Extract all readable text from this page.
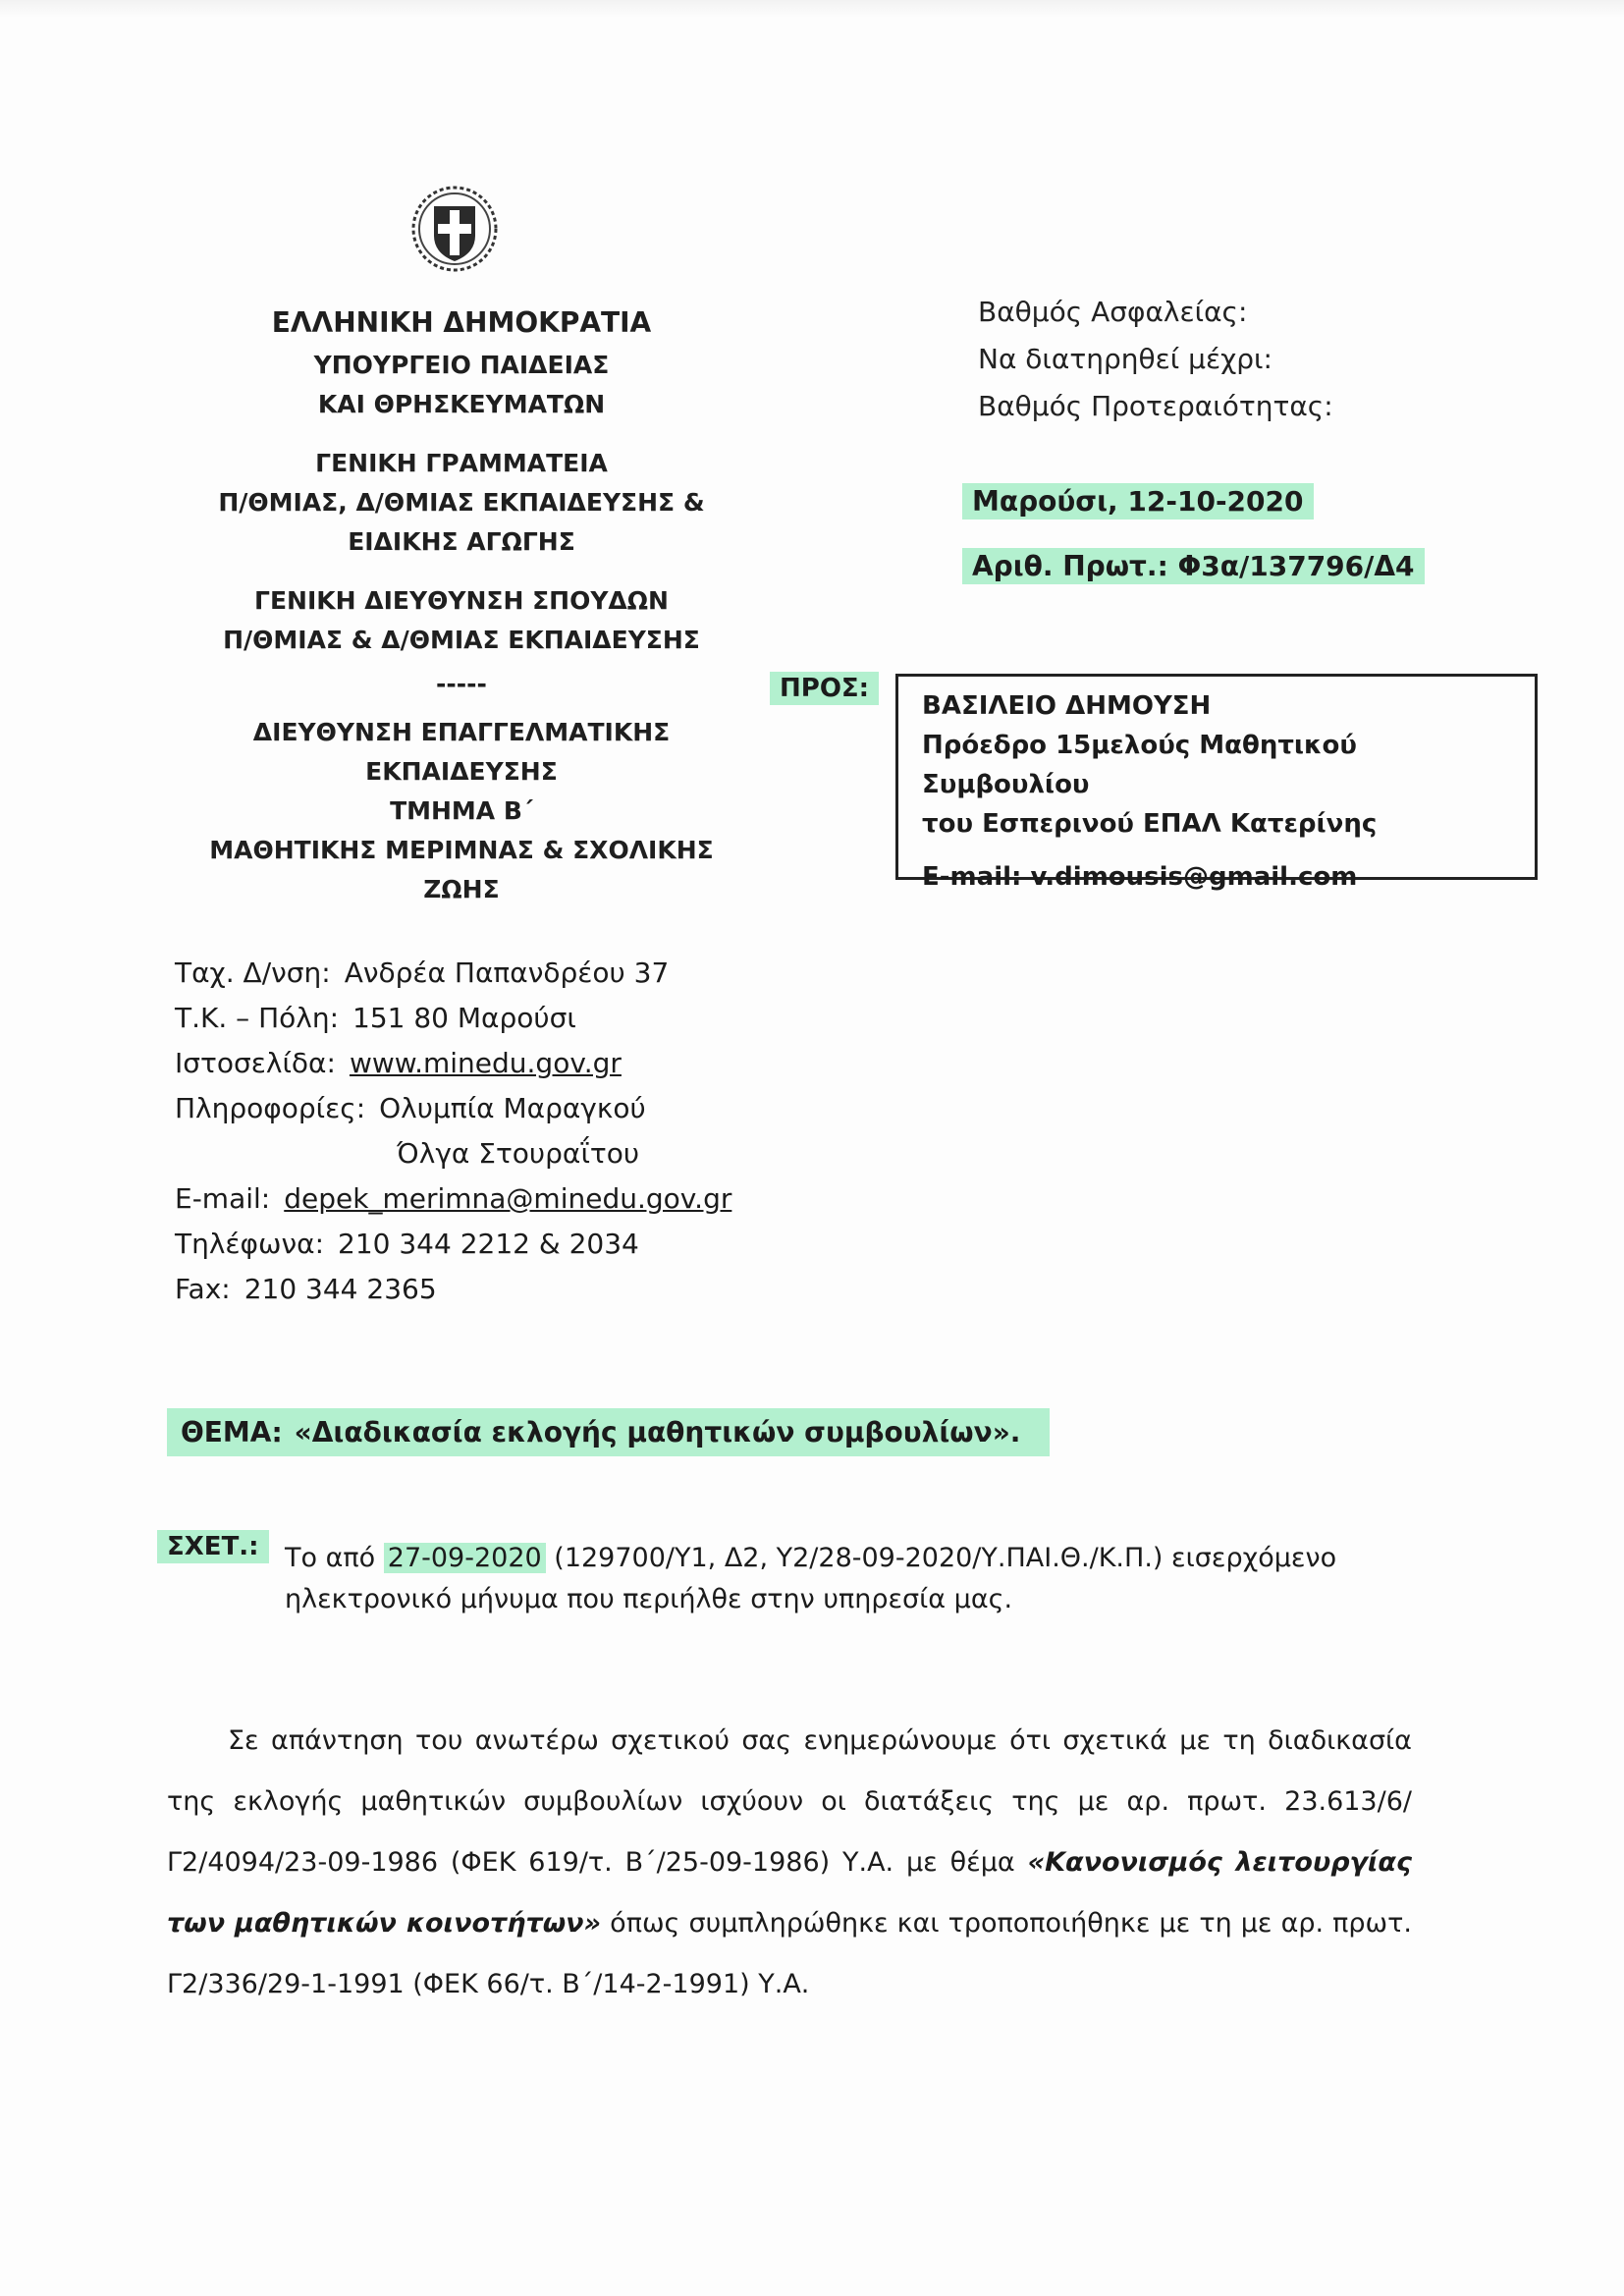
ΕΛΛΗΝΙΚΗ ΔΗΜΟΚΡΑΤΙΑ
ΥΠΟΥΡΓΕΙΟ ΠΑΙΔΕΙΑΣ
ΚΑΙ ΘΡΗΣΚΕΥΜΑΤΩΝ
ΓΕΝΙΚΗ ΓΡΑΜΜΑΤΕΙΑ
Π/ΘΜΙΑΣ, Δ/ΘΜΙΑΣ ΕΚΠΑΙΔΕΥΣΗΣ &
ΕΙΔΙΚΗΣ ΑΓΩΓΗΣ
ΓΕΝΙΚΗ ΔΙΕΥΘΥΝΣΗ ΣΠΟΥΔΩΝ
Π/ΘΜΙΑΣ & Δ/ΘΜΙΑΣ ΕΚΠΑΙΔΕΥΣΗΣ
-----
ΔΙΕΥΘΥΝΣΗ ΕΠΑΓΓΕΛΜΑΤΙΚΗΣ
ΕΚΠΑΙΔΕΥΣΗΣ
ΤΜΗΜΑ Β΄
ΜΑΘΗΤΙΚΗΣ ΜΕΡΙΜΝΑΣ & ΣΧΟΛΙΚΗΣ
ΖΩΗΣ
Ταχ. Δ/νση: Ανδρέα Παπανδρέου 37
Τ.Κ. – Πόλη: 151 80 Μαρούσι
Ιστοσελίδα: www.minedu.gov.gr
Πληροφορίες: Ολυμπία Μαραγκού
Όλγα Στουραΐτου
E-mail: depek_merimna@minedu.gov.gr
Τηλέφωνα: 210 344 2212 & 2034
Fax: 210 344 2365
Βαθμός Ασφαλείας:
Να διατηρηθεί μέχρι:
Βαθμός Προτεραιότητας:
Μαρούσι, 12-10-2020
Αριθ. Πρωτ.: Φ3α/137796/Δ4
ΠΡΟΣ:
ΒΑΣΙΛΕΙΟ ΔΗΜΟΥΣΗ
Πρόεδρο 15μελούς Μαθητικού Συμβουλίου
του Εσπερινού ΕΠΑΛ Κατερίνης
E-mail: v.dimousis@gmail.com
ΘΕΜΑ: «Διαδικασία εκλογής μαθητικών συμβουλίων».
ΣΧΕΤ.: Το από 27-09-2020 (129700/Υ1, Δ2, Υ2/28-09-2020/Υ.ΠΑΙ.Θ./Κ.Π.) εισερχόμενο ηλεκτρονικό μήνυμα που περιήλθε στην υπηρεσία μας.
Σε απάντηση του ανωτέρω σχετικού σας ενημερώνουμε ότι σχετικά με τη διαδικασία της εκλογής μαθητικών συμβουλίων ισχύουν οι διατάξεις της με αρ. πρωτ. 23.613/6/Γ2/4094/23-09-1986 (ΦΕΚ 619/τ. Β΄/25-09-1986) Υ.Α. με θέμα «Κανονισμός λειτουργίας των μαθητικών κοινοτήτων» όπως συμπληρώθηκε και τροποποιήθηκε με τη με αρ. πρωτ. Γ2/336/29-1-1991 (ΦΕΚ 66/τ. Β΄/14-2-1991) Υ.Α.
